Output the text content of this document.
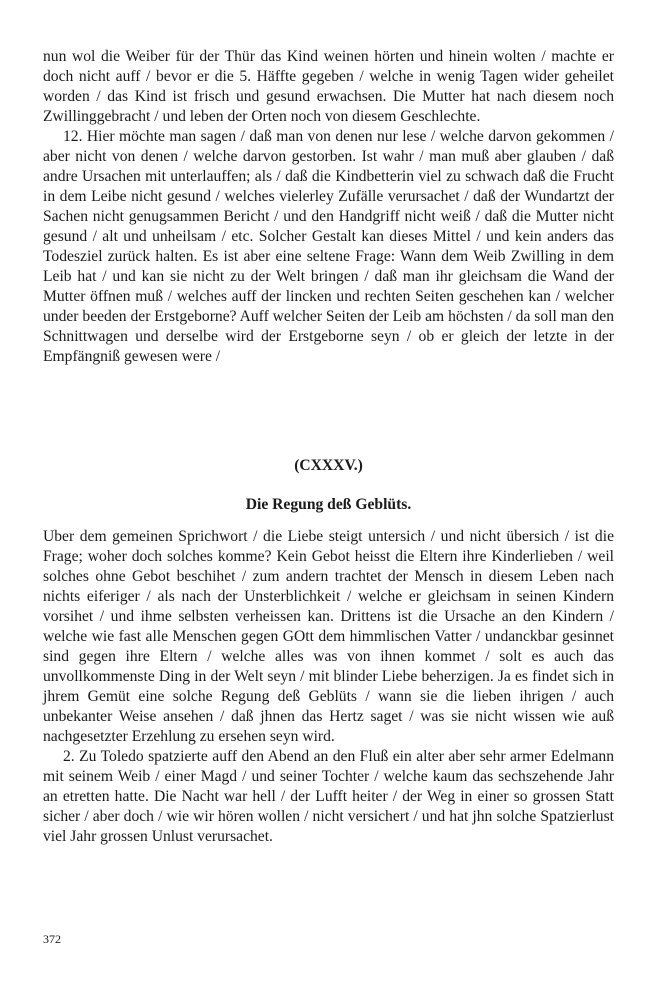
nun wol die Weiber für der Thür das Kind weinen hörten und hinein wolten / machte er doch nicht auff / bevor er die 5. Häffte gegeben / welche in wenig Tagen wider geheilet worden / das Kind ist frisch und gesund erwachsen. Die Mutter hat nach diesem noch Zwillinggebracht / und leben der Orten noch von diesem Geschlechte.

12. Hier möchte man sagen / daß man von denen nur lese / welche darvon gekommen / aber nicht von denen / welche darvon gestorben. Ist wahr / man muß aber glauben / daß andre Ursachen mit unterlauffen; als / daß die Kindbetterin viel zu schwach daß die Frucht in dem Leibe nicht gesund / welches vielerley Zufälle verursachet / daß der Wundartzt der Sachen nicht genugsammen Bericht / und den Handgriff nicht weiß / daß die Mutter nicht gesund / alt und unheilsam / etc. Solcher Gestalt kan dieses Mittel / und kein anders das Todesziel zurück halten. Es ist aber eine seltene Frage: Wann dem Weib Zwilling in dem Leib hat / und kan sie nicht zu der Welt bringen / daß man ihr gleichsam die Wand der Mutter öffnen muß / welches auff der lincken und rechten Seiten geschehen kan / welcher under beeden der Erstgeborne? Auff welcher Seiten der Leib am höchsten / da soll man den Schnittwagen und derselbe wird der Erstgeborne seyn / ob er gleich der letzte in der Empfängniß gewesen were /

(CXXXV.)

Die Regung deß Geblüts.

Uber dem gemeinen Sprichwort / die Liebe steigt untersich / und nicht übersich / ist die Frage; woher doch solches komme? Kein Gebot heisst die Eltern ihre Kinderlieben / weil solches ohne Gebot beschihet / zum andern trachtet der Mensch in diesem Leben nach nichts eiferiger / als nach der Unsterblichkeit / welche er gleichsam in seinen Kindern vorsihet / und ihme selbsten verheissen kan. Drittens ist die Ursache an den Kindern / welche wie fast alle Menschen gegen GOtt dem himmlischen Vatter / undanckbar gesinnet sind gegen ihre Eltern / welche alles was von ihnen kommet / solt es auch das unvollkommenste Ding in der Welt seyn / mit blinder Liebe beherzigen. Ja es findet sich in jhrem Gemüt eine solche Regung deß Geblüts / wann sie die lieben ihrigen / auch unbekanter Weise ansehen / daß jhnen das Hertz saget / was sie nicht wissen wie auß nachgesetzter Erzehlung zu ersehen seyn wird.

2. Zu Toledo spatzierte auff den Abend an den Fluß ein alter aber sehr armer Edelmann mit seinem Weib / einer Magd / und seiner Tochter / welche kaum das sechszehende Jahr an etretten hatte. Die Nacht war hell / der Lufft heiter / der Weg in einer so grossen Statt sicher / aber doch / wie wir hören wollen / nicht versichert / und hat jhn solche Spatzierlust viel Jahr grossen Unlust verursachet.

372
